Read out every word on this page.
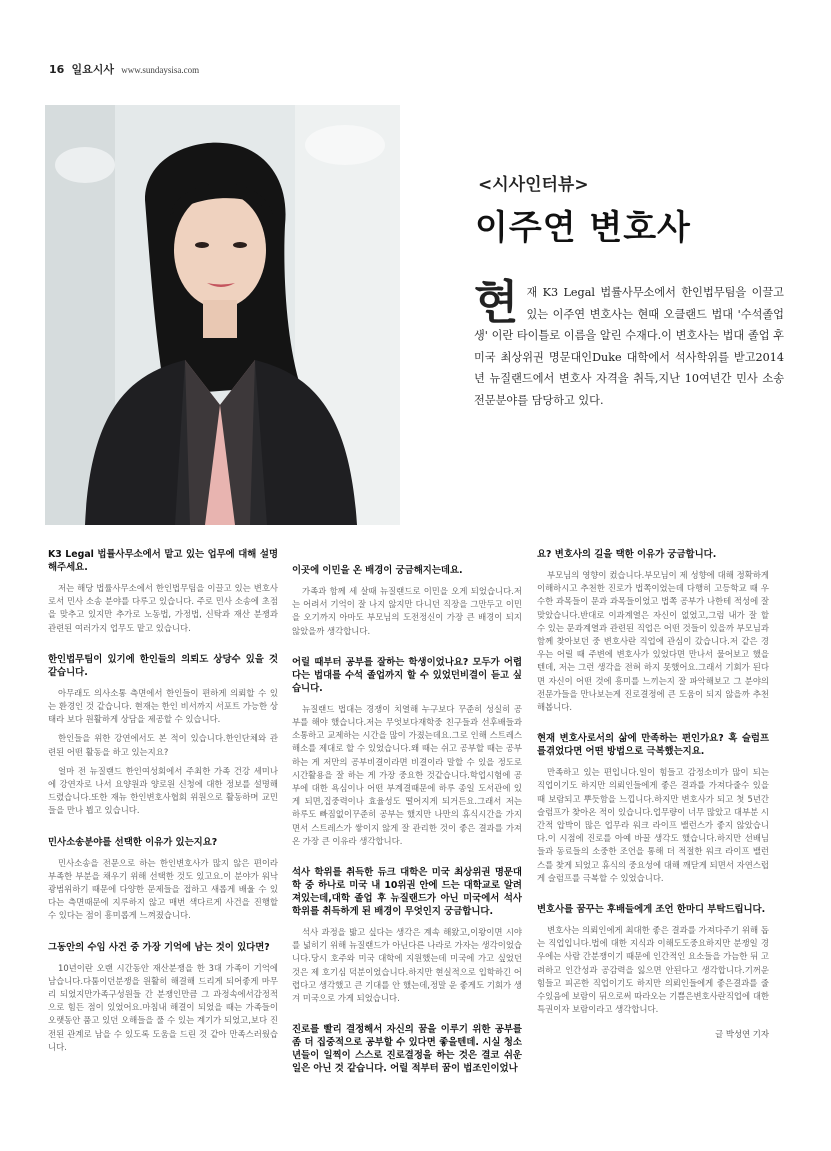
16 일요시사 www.sundaysisa.com
<시사인터뷰>
이주연 변호사
현 재 K3 Legal 법률사무소에서 한인법무팀을 이끌고 있는 이주연 변호사는 현때 오클랜드 법대 '수석졸업생' 이란 타이틀로 이름을 알린 수재다.이 변호사는 법대 졸업 후미국 최상위권 명문대인Duke 대학에서 석사학위를 받고2014년 뉴질랜드에서 변호사 자격을 취득,지난 10여년간 민사 소송 전문분야를 담당하고 있다.
K3 Legal 법률사무소에서 맡고 있는 업무에 대해 설명해주세요.

저는 해당 법률사무소에서 한인법무팀을 이끌고 있는 변호사로서 민사 소송 분야를 다루고 있습니다. 주로 민사 소송에 초점을 맞추고 있지만 추가로 노동법, 가정법, 신탁과 재산 분쟁과 관련된 여러가지 업무도 맡고 있습니다.

한인법무팀이 있기에 한인들의 의뢰도 상당수 있을 것 같습니다.

아무래도 의사소통 측면에서 한인들이 편하게 의뢰할 수 있는 환경인 것 같습니다. 현재는 한인 비서까지 서포트 가능한 상태라 보다 원활하게 상담을 제공할 수 있습니다.

한인들을 위한 강연에서도 본 적이 있습니다.한인단체와 관련된 어떤 활동을 하고 있는지요?

얼마 전 뉴질랜드 한인여성회에서 주최한 가족 건강 세미나에 강연자로 나서 요양원과 양로원 신청에 대한 정보를 설명해 드렸습니다.또한 재뉴 한인변호사협회 위원으로 활동하며 교민들을 만나 뵙고 있습니다.

민사소송분야를 선택한 이유가 있는지요?

민사소송을 전문으로 하는 한인변호사가 많지 않은 편이라 부족한 부분을 채우기 위해 선택한 것도 있고요.이 분야가 워낙 광범위하기 때문에 다양한 문제들을 접하고 새롭게 배울 수 있다는 측면때문에 지루하지 않고 매번 색다르게 사건을 진행할 수 있다는 점이 흥미롭게 느껴졌습니다.

그동안의 수임 사건 중 가장 기억에 남는 것이 있다면?

10년이란 오랜 시간동안 재산분쟁을 한 3대 가족이 기억에 남습니다.다툼이던분쟁을 원활히 해결해 드리게 되어좋게 마무리 되었지만가족구성원들 간 분쟁인만큼 그 과정속에서감정적으로 힘든 점이 있었어요.마침내 해결이 되었을 때는 가족들이 오랫동안 품고 있던 오해들을 풀 수 있는 계기가 되었고,보다 진전된 관계로 남을 수 있도록 도움을 드린 것 같아 만족스러웠습니다.

이곳에 이민을 온 배경이 궁금해지는데요.

가족과 함께 세 살때 뉴질랜드로 이민을 오게 되었습니다.저는 어려서 기억이 잘 나지 않지만 다니던 직장을 그만두고 이민을 오기까지 아마도 부모님의 도전정신이 가장 큰 배경이 되지 않았을까 생각합니다.

어릴 때부터 공부를 잘하는 학생이었나요? 모두가 어렵다는 법대를 수석 졸업까지 할 수 있었던비결이 듣고 싶습니다.

뉴질랜드 법대는 경쟁이 치열해 누구보다 꾸준히 성실히 공부를 해야 했습니다.저는 무엇보다재학중 친구들과 선후배들과 소통하고 교제하는 시간을 많이 가졌는데요.그로 인해 스트레스 해소를 제대로 할 수 있었습니다.왜 때는 쉬고 공부할 때는 공부하는 게 저만의 공부비결이라면 비결이라 말할 수 있을 정도로시간활용을 잘 하는 게 가장 중요한 것같습니다.학업시험에 공부에 대한 욕심이나 어떤 부계결때문에 하루 종일 도서관에 있게 되면,집중력이나 효율성도 떨어지게 되거든요.그래서 저는 하루도 빠짐없이꾸준히 공부는 했지만 나만의 휴식시간을 가지면서 스트레스가 쌓이지 않게 잘 관리한 것이 좋은 결과를 가져온 가장 큰 이유라 생각합니다.

석사 학위를 취득한 듀크 대학은 미국 최상위권 명문대학 중 하나로 미국 내 10위권 안에 드는 대학교로 알려져있는데,대학 졸업 후 뉴질랜드가 아닌 미국에서 석사학위를 취득하게 된 배경이 무엇인지 궁금합니다.

석사 과정을 밟고 싶다는 생각은 계속 해왔고,이왕이면 시야를 넓히기 위해 뉴질랜드가 아닌다른 나라로 가자는 생각이었습니다.당시 호주와 미국 대학에 지원했는데 미국에 가고 싶었던 것은 제 호기심 덕분이었습니다.하지만 현실적으로 입학하긴 어렵다고 생각했고 큰 기대를 안 했는데,정말 운 좋게도 기회가 생겨 미국으로 가게 되었습니다.

진로를 빨리 결정해서 자신의 꿈을 이루기 위한 공부를 좀 더 집중적으로 공부할 수 있다면 좋을텐데. 시실 청소년들이 일찍이 스스로 진로결정을 하는 것은 결코 쉬운 일은 아닌 것 같습니다. 어릴 적부터 꿈이 법조인이었나
요? 변호사의 길을 택한 이유가 궁금합니다.

부모님의 영향이 컸습니다.부모님이 제 성향에 대해 정확하게 이해하시고 추천한 진로가 법쪽이었는데 다행히 고등학교 때 우수한 과목들이 문과 과목들이었고 법쪽 공부가 나한테 적성에 잘 맞았습니다.반대로 이과계열은 자신이 없었고,그럼 내가 잘 할 수 있는 문과계열과 관련된 직업은 어떤 것들이 있을까 부모님과 함께 찾아보던 중 변호사란 직업에 관심이 갔습니다.저 같은 경우는 어릴 때 주변에 변호사가 있었다면 만나서 물어보고 했을 텐데, 저는 그런 생각을 전혀 하지 못했어요.그래서 기회가 된다면 자신이 어떤 것에 흥미를 느끼는지 잘 파악해보고 그 분야의 전문가들을 만나보는게 진로결정에 큰 도움이 되지 않을까 추천해봅니다.

현재 변호사로서의 삶에 만족하는 편인가요? 혹 슬럼프를겪었다면 어떤 방법으로 극복했는지요.

만족하고 있는 편입니다.일이 힘들고 감정소비가 많이 되는 직업이기도 하지만 의뢰인들에게 좋은 결과를 가져다줄수 있을때 보람되고 뿌듯함을 느낍니다.하지만 변호사가 되고 첫 5년간슬럼프가 찾아온 적이 있습니다.업무량이 너무 많았고 대부분 시간적 압박이 많은 업무라 워크 라이프 밸런스가 좋지 않았습니다.이 시점에 진로를 아예 바꿀 생각도 했습니다.하지만 선배님들과 동료들의 소중한 조언을 통해 더 적절한 워크 라이프 밸런스를 찾게 되었고 휴식의 중요성에 대해 깨닫게 되면서 자연스럽게 슬럼프를 극복할 수 있었습니다.

변호사를 꿈꾸는 후배들에게 조언 한마디 부탁드립니다.

변호사는 의뢰인에게 최대한 좋은 결과를 가져다주기 위해 돕는 직업입니다.법에 대한 지식과 이해도도중요하지만 분쟁일 경우에는 사람 간분쟁이기 때문에 인간적인 요소들을 가늠한 뒤 고려하고 인간성과 공감력을 잃으면 안된다고 생각합니다.기꺼운 힘들고 피곤한 직업이기도 하지만 의뢰인들에게 좋은결과를 줄수있음에 보람이 뒤으로써 따라오는 기쁨은변호사란직업에 대한 특권이자 보람이라고 생각합니다.

글 박성연 기자
